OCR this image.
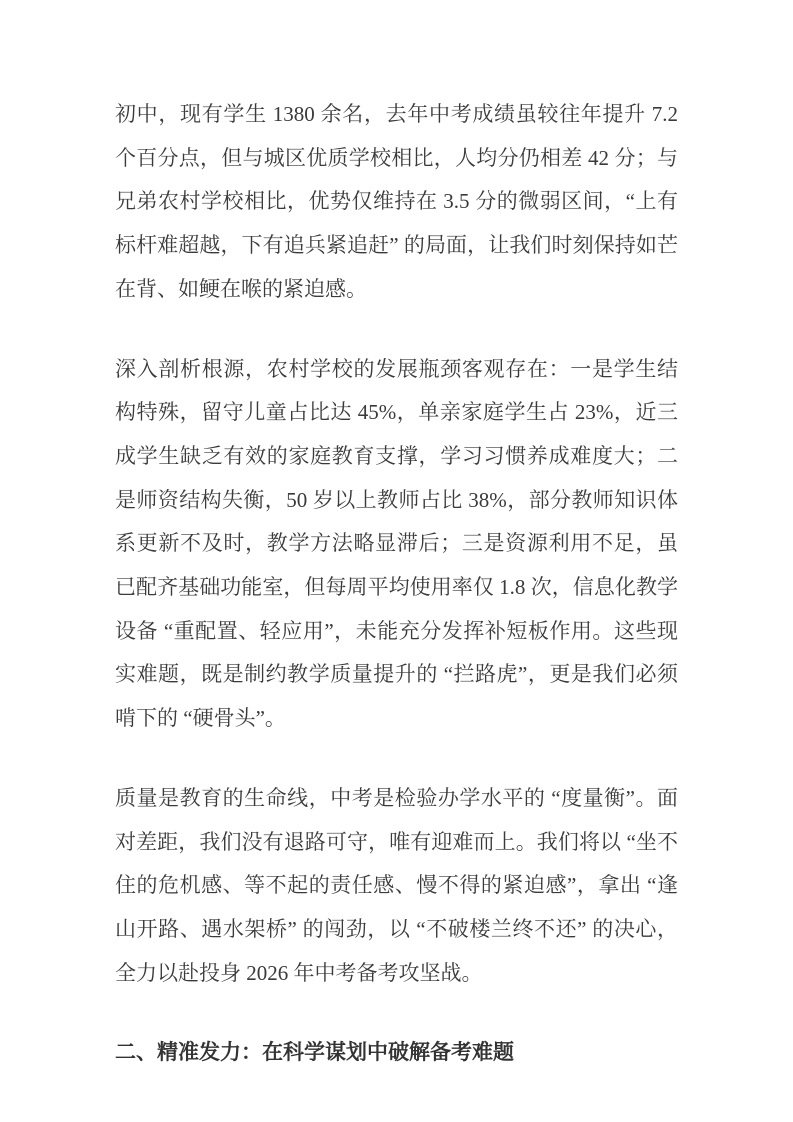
初中，现有学生 1380 余名，去年中考成绩虽较往年提升 7.2 个百分点，但与城区优质学校相比，人均分仍相差 42 分；与兄弟农村学校相比，优势仅维持在 3.5 分的微弱区间，“上有标杆难超越，下有追兵紧追赶” 的局面，让我们时刻保持如芒在背、如鲠在喉的紧迫感。

深入剖析根源，农村学校的发展瓶颈客观存在：一是学生结构特殊，留守儿童占比达 45%，单亲家庭学生占 23%，近三成学生缺乏有效的家庭教育支撑，学习习惯养成难度大；二是师资结构失衡，50 岁以上教师占比 38%，部分教师知识体系更新不及时，教学方法略显滞后；三是资源利用不足，虽已配齐基础功能室，但每周平均使用率仅 1.8 次，信息化教学设备 “重配置、轻应用”，未能充分发挥补短板作用。这些现实难题，既是制约教学质量提升的 “拦路虎”，更是我们必须啃下的 “硬骨头”。

质量是教育的生命线，中考是检验办学水平的 “度量衡”。面对差距，我们没有退路可守，唯有迎难而上。我们将以 “坐不住的危机感、等不起的责任感、慢不得的紧迫感”，拿出 “逢山开路、遇水架桥” 的闯劲，以 “不破楼兰终不还” 的决心，全力以赴投身 2026 年中考备考攻坚战。

二、精准发力：在科学谋划中破解备考难题
